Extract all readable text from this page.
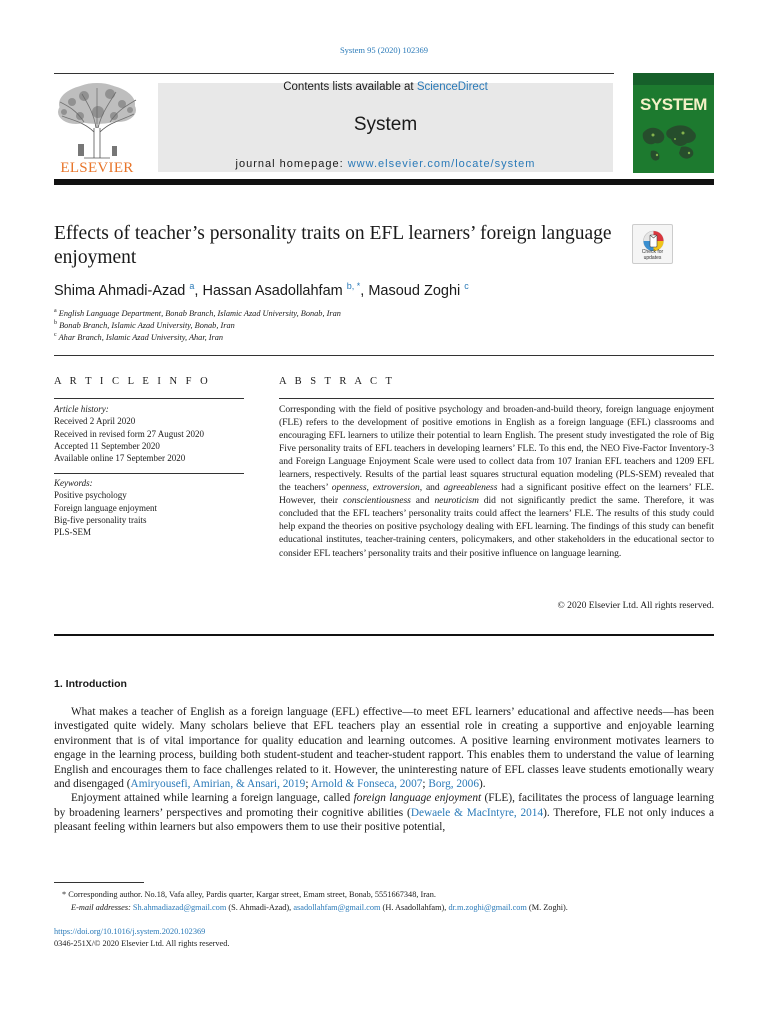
System 95 (2020) 102369
Contents lists available at ScienceDirect
System
journal homepage: www.elsevier.com/locate/system
ELSEVIER
SYSTEM
Effects of teacher’s personality traits on EFL learners’ foreign language enjoyment	Check for updates
Shima Ahmadi-Azad $^a$, Hassan Asadollahfam $^{b, *}$, Masoud Zoghi $^c$
$^a$ English Language Department, Bonab Branch, Islamic Azad University, Bonab, Iran
$^b$ Bonab Branch, Islamic Azad University, Bonab, Iran
$^c$ Ahar Branch, Islamic Azad University, Ahar, Iran
A R T I C L E I N F O
Article history:
Received 2 April 2020
Received in revised form 27 August 2020
Accepted 11 September 2020
Available online 17 September 2020
Keywords:
Positive psychology
Foreign language enjoyment
Big-five personality traits
PLS-SEM
A B S T R A C T
Corresponding with the field of positive psychology and broaden-and-build theory, foreign language enjoyment (FLE) refers to the development of positive emotions in English as a foreign language (EFL) classrooms and encouraging EFL learners to utilize their potential to learn English. The present study investigated the role of Big Five personality traits of EFL teachers in developing learners’ FLE. To this end, the NEO Five-Factor Inventory-3 and Foreign Language Enjoyment Scale were used to collect data from 107 Iranian EFL teachers and 1209 EFL learners, respectively. Results of the partial least squares structural equation modeling (PLS-SEM) revealed that the teachers’ openness, extroversion, and agreeableness had a significant positive effect on the learners’ FLE. However, their conscientiousness and neuroticism did not significantly predict the same. Therefore, it was concluded that the EFL teachers’ personality traits could affect the learners’ FLE. The results of this study could help expand the theories on positive psychology dealing with EFL learning. The findings of this study can benefit educational institutes, teacher-training centers, policymakers, and other stakeholders in the educational sector to consider EFL teachers’ personality traits and their positive influence on language learning.
© 2020 Elsevier Ltd. All rights reserved.
1. Introduction

What makes a teacher of English as a foreign language (EFL) effective—to meet EFL learners’ educational and affective needs—has been investigated quite widely. Many scholars believe that EFL teachers play an essential role in creating a supportive and enjoyable learning environment that is of vital importance for quality education and learning outcomes. A positive learning environment motivates learners to engage in the learning process, building both student-student and teacher-student rapport. This enables them to understand the value of learning English and encourages them to face challenges related to it. However, the uninteresting nature of EFL classes leave students emotionally weary and disengaged (Amiryousefi, Amirian, & Ansari, 2019; Arnold & Fonseca, 2007; Borg, 2006).

Enjoyment attained while learning a foreign language, called foreign language enjoyment (FLE), facilitates the process of language learning by broadening learners’ perspectives and promoting their cognitive abilities (Dewaele & MacIntyre, 2014). Therefore, FLE not only induces a pleasant feeling within learners but also empowers them to use their positive potential,

* Corresponding author. No.18, Vafa alley, Pardis quarter, Kargar street, Emam street, Bonab, 5551667348, Iran.
E-mail addresses: Sh.ahmadiazad@gmail.com (S. Ahmadi-Azad), asadollahfam@gmail.com (H. Asadollahfam), dr.m.zoghi@gmail.com (M. Zoghi).
https://doi.org/10.1016/j.system.2020.102369
0346-251X/© 2020 Elsevier Ltd. All rights reserved.
